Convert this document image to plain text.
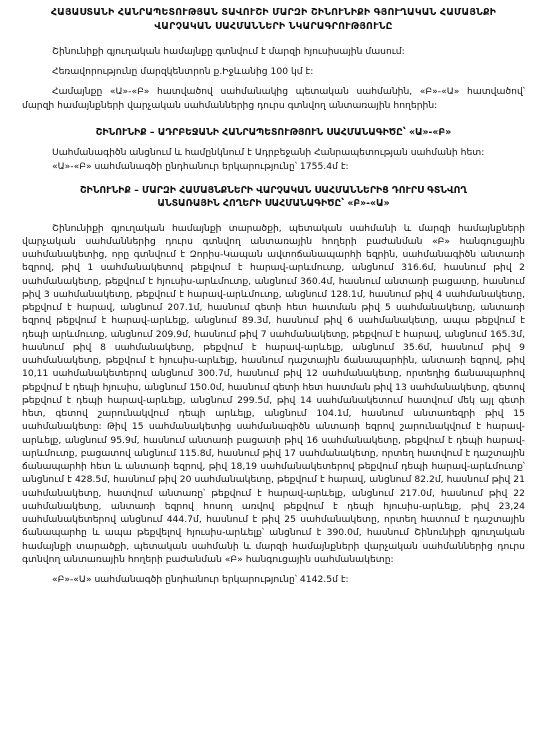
ՀԱՅԱՍՏԱՆԻ ՀԱՆՐԱՊԵՏՈՒԹՅԱՆ ՏԱՎՈՒՇԻ ՄԱՐԶԻ ՇԻՆՈՒՆԻՔԻ ԳՅՈՒՂԱԿԱՆ ՀԱՄԱՅՆՔԻ
ՎԱՐՉԱԿԱՆ ՍԱՀՄԱՆՆԵՐԻ ՆԿԱՐԱԳՐՈՒԹՅՈՒՆԸ

Շինունիքի գյուղական համայնքը գտնվում է մարզի հյուսիսային մասում:

Հեռավորությունը մարզկենտրոն ք.Իջևանից 100 կմ է:

Համայնքը «Ա»-«Բ» հատվածով սահմանակից պետական սահմանին, «Բ»-«Ա» հատվածով՝ մարզի համայնքների վարչական սահմաններից դուրս գտնվող անտառային հողերին:

ՇԻՆՈՒՆԻՔ – ԱԴՐԲԵՋԱՆԻ ՀԱՆՐԱՊԵՏՈՒԹՅՈՒՆ ՍԱՀՄԱՆԱԳԻԾԸ՝ «Ա»-«Բ»

Սահմանագիծն անցնում և համընկնում է Ադրբեջանի Հանրապետության սահմանի հետ:

«Ա»-«Բ» սահմանագծի ընդհանուր երկարությունը՝ 1755.4մ է:

ՇԻՆՈՒՆԻՔ – ՄԱՐԶԻ ՀԱՄԱՅՆՔՆԵՐԻ ՎԱՐՉԱԿԱՆ ՍԱՀՄԱՆՆԵՐԻՑ ԴՈՒՐՍ ԳՏՆՎՈՂ
ԱՆՏԱՌԱՅԻՆ ՀՈՂԵՐԻ ՍԱՀՄԱՆԱԳԻԾԸ՝ «Բ»-«Ա»

Շինունիքի գյուղական համայնքի տարածքի, պետական սահմանի և մարզի համայնքների վարչական սահմաններից դուրս գտնվող անտառային հողերի բաժանման «Բ» հանգուցային սահմանակետից, որը գտնվում է Զորիս-Կապան ավտոճանապարհի եզրին, սահմանագիծն անտառի եզրով, թիվ 1 սահմանակետով թեքվում է հարավ-արևմուտք, անցնում 316.6մ, հասնում թիվ 2 սահմանակետը, թեքվում է հյուսիս-արևմուտք, անցնում 360.4մ, հասնում անտառի բացատը, հասնում թիվ 3 սահմանակետը, թեքվում է հարավ-արևմուտք, անցնում 128.1մ, հասնում թիվ 4 սահմանակետը, թեքվում է հարավ, անցնում 207.1մ, հասնում գետի հետ հատման թիվ 5 սահմանակետը, անտառի եզրով թեքվում է հարավ-արևելք, անցնում 89.3մ, հասնում թիվ 6 սահմանակետը, ապա թեքվում է դեպի արևմուտք, անցնում 209.9մ, հասնում թիվ 7 սահմանակետը, թեքվում է հարավ, անցնում 165.3մ, հասնում թիվ 8 սահմանակետը, թեքվում է հարավ-արևելք, անցնում 35.6մ, հասնում թիվ 9 սահմանակետը, թեքվում է հյուսիս-արևելք, հասնում դաշտային ճանապարհին, անտառի եզրով, թիվ 10,11 սահմանակետերով անցնում 300.7մ, հասնում թիվ 12 սահմանակետը, որտեղից ճանապարհով թեքվում է դեպի հյուսիս, անցնում 150.0մ, հասնում գետի հետ հատման թիվ 13 սահմանակետը, գետով թեքվում է դեպի հարավ-արևելք, անցնում 299.5մ, թիվ 14 սահմանակետում հատվում մեկ այլ գետի հետ, գետով շարունակվում դեպի արևելք, անցնում 104.1մ, հասնում անտառեզրի թիվ 15 սահմանակետը: Թիվ 15 սահմանակետից սահմանագիծն անտառի եզրով շարունակվում է հարավ-արևելք, անցնում 95.9մ, հասնում անտառի բացատի թիվ 16 սահմանակետը, թեքվում է դեպի հարավ-արևմուտք, բացատով անցնում 115.8մ, հասնում թիվ 17 սահմանակետը, որտեղ հատվում է դաշտային ճանապարհի հետ և անտառի եզրով, թիվ 18,19 սահմանակետերով թեքվում դեպի հարավ-արևմուտք՝ անցնում է 428.5մ, հասնում թիվ 20 սահմանակետը, թեքվում է հարավ, անցնում 82.2մ, հասնում թիվ 21 սահմանակետը, հատվում անտառը՝ թեքվում է հարավ-արևելք, անցնում 217.0մ, հասնում թիվ 22 սահմանակետը, անտառի եզրով հոսող առվով թեքվում է դեպի հյուսիս-արևելք, թիվ 23,24 սահմանակետերով անցնում 444.7մ, հասնում է թիվ 25 սահմանակետը, որտեղ հատում է դաշտային ճանապարհը և ապա թեքվելով հյուսիս-արևելք՝ անցնում է 390.0մ, հասնում Շինունիքի գյուղական համայնքի տարածքի, պետական սահմանի և մարզի համայնքների վարչական սահմաններից դուրս գտնվող անտառային հողերի բաժանման «Բ» հանգուցային սահմանակետը:

«Բ»-«Ա» սահմանագծի ընդհանուր երկարությունը՝ 4142.5մ է:
